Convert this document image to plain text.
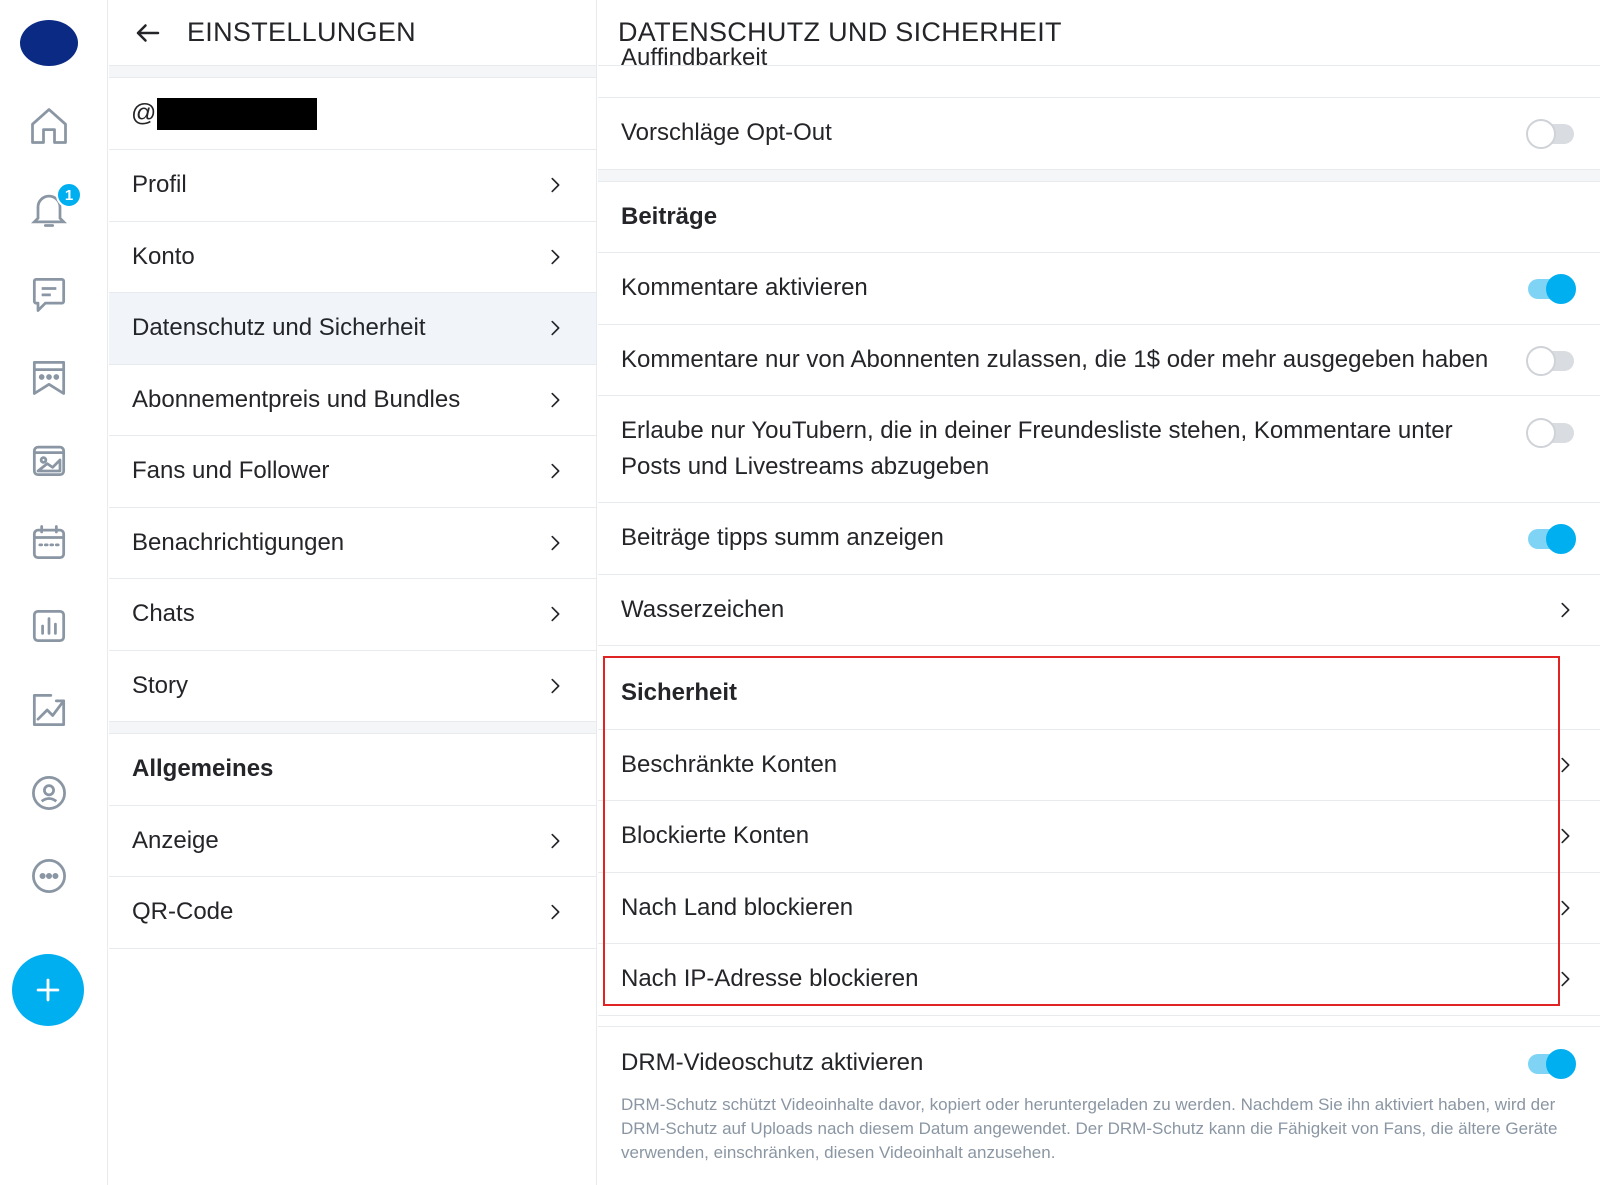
1
EINSTELLUNGEN
@
Profil
Konto
Datenschutz und Sicherheit
Abonnementpreis und Bundles
Fans und Follower
Benachrichtigungen
Chats
Story
Allgemeines
Anzeige
QR-Code
DATENSCHUTZ UND SICHERHEIT
Auffindbarkeit
Vorschläge Opt-Out
Beiträge
Kommentare aktivieren
Kommentare nur von Abonnenten zulassen, die 1$ oder mehr ausgegeben haben
Erlaube nur YouTubern, die in deiner Freundesliste stehen, Kommentare unter Posts und Livestreams abzugeben
Beiträge tipps summ anzeigen
Wasserzeichen
Sicherheit
Beschränkte Konten
Blockierte Konten
Nach Land blockieren
Nach IP-Adresse blockieren
DRM-Videoschutz aktivieren
DRM-Schutz schützt Videoinhalte davor, kopiert oder heruntergeladen zu werden. Nachdem Sie ihn aktiviert haben, wird der DRM-Schutz auf Uploads nach diesem Datum angewendet. Der DRM-Schutz kann die Fähigkeit von Fans, die ältere Geräte verwenden, einschränken, diesen Videoinhalt anzusehen.
